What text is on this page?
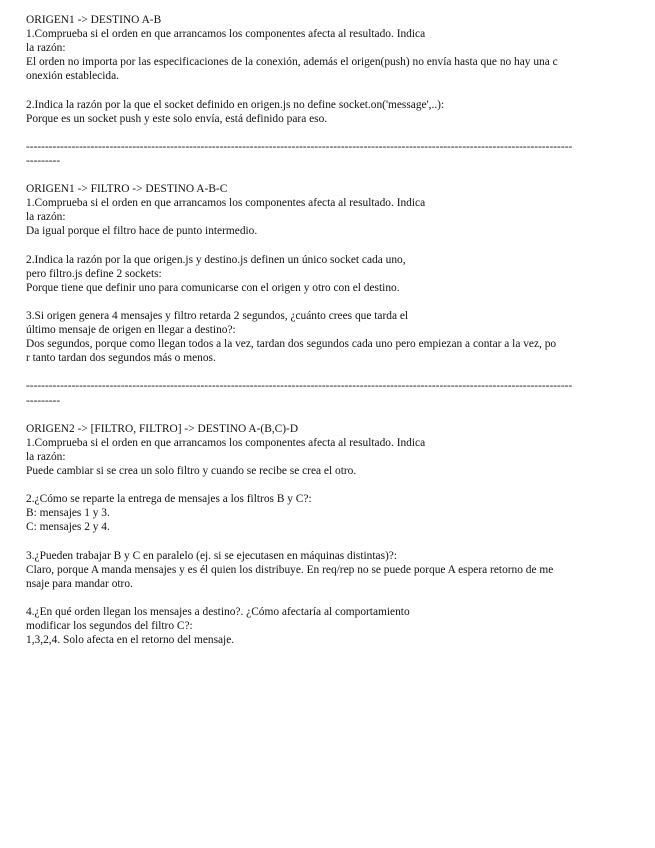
ORIGEN1 -> DESTINO A-B
1.Comprueba si el orden en que arrancamos los componentes afecta al resultado. Indica
la razón:
El orden no importa por las especificaciones de la conexión, además el origen(push) no envía hasta que no hay una c
onexión establecida.
2.Indica la razón por la que el socket definido en origen.js no define socket.on('message',..):
Porque es un socket push y este solo envía, está definido para eso.
------------------------------------------------------------------------------------------------------------------------------------------------
---------
ORIGEN1 -> FILTRO -> DESTINO A-B-C
1.Comprueba si el orden en que arrancamos los componentes afecta al resultado. Indica
la razón:
Da igual porque el filtro hace de punto intermedio.
2.Indica la razón por la que origen.js y destino.js definen un único socket cada uno,
pero filtro.js define 2 sockets:
Porque tiene que definir uno para comunicarse con el origen y otro con el destino.
3.Si origen genera 4 mensajes y filtro retarda 2 segundos, ¿cuánto crees que tarda el
último mensaje de origen en llegar a destino?:
Dos segundos, porque como llegan todos a la vez, tardan dos segundos cada uno pero empiezan a contar a la vez, po
r tanto tardan dos segundos más o menos.
------------------------------------------------------------------------------------------------------------------------------------------------
---------
ORIGEN2 -> [FILTRO, FILTRO] -> DESTINO A-(B,C)-D
1.Comprueba si el orden en que arrancamos los componentes afecta al resultado. Indica
la razón:
Puede cambiar si se crea un solo filtro y cuando se recibe se crea el otro.
2.¿Cómo se reparte la entrega de mensajes a los filtros B y C?:
B: mensajes 1 y 3.
C: mensajes 2 y 4.
3.¿Pueden trabajar B y C en paralelo (ej. si se ejecutasen en máquinas distintas)?:
Claro, porque A manda mensajes y es él quien los distribuye. En req/rep no se puede porque A espera retorno de me
nsaje para mandar otro.
4.¿En qué orden llegan los mensajes a destino?. ¿Cómo afectaría al comportamiento
modificar los segundos del filtro C?:
1,3,2,4. Solo afecta en el retorno del mensaje.
